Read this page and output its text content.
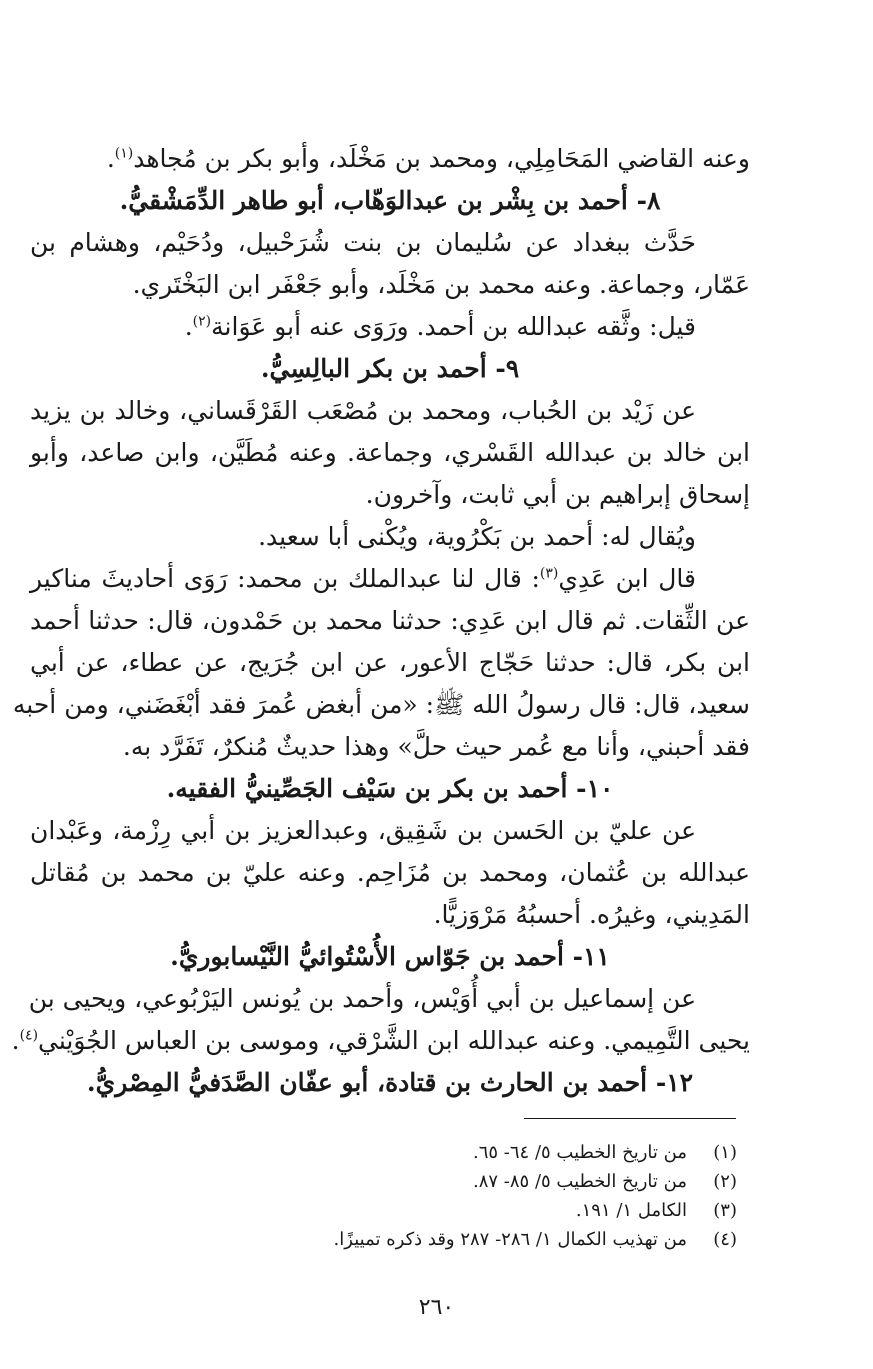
وعنه القاضي المَحَامِلِي، ومحمد بن مَخْلَد، وأبو بكر بن مُجاهد$^{(١)}$.
٨- أحمد بن بِشْر بن عبدالوَهّاب، أبو طاهر الدِّمَشْقيُّ.
حَدَّث ببغداد عن سُليمان بن بنت شُرَحْبيل، ودُحَيْم، وهشام بن
عَمّار، وجماعة. وعنه محمد بن مَخْلَد، وأبو جَعْفَر ابن البَخْتَري.
قيل: وثَّقه عبدالله بن أحمد. ورَوَى عنه أبو عَوَانة$^{(٢)}$.
٩- أحمد بن بكر البالِسِيُّ.
عن زَيْد بن الحُباب، ومحمد بن مُصْعَب القَرْقَساني، وخالد بن يزيد
ابن خالد بن عبدالله القَسْري، وجماعة. وعنه مُطَيَّن، وابن صاعد، وأبو
إسحاق إبراهيم بن أبي ثابت، وآخرون.
ويُقال له: أحمد بن بَكْرُوية، ويُكْنى أبا سعيد.
قال ابن عَدِي$^{(٣)}$: قال لنا عبدالملك بن محمد: رَوَى أحاديثَ مناكير
عن الثِّقات. ثم قال ابن عَدِي: حدثنا محمد بن حَمْدون، قال: حدثنا أحمد
ابن بكر، قال: حدثنا حَجّاج الأعور، عن ابن جُرَيج، عن عطاء، عن أبي
سعيد، قال: قال رسولُ الله ﷺ: «من أبغض عُمرَ فقد أبْغَضَني، ومن أحبه
فقد أحبني، وأنا مع عُمر حيث حلَّ» وهذا حديثٌ مُنكرٌ، تَفَرَّد به.
١٠- أحمد بن بكر بن سَيْف الجَصِّينيُّ الفقيه.
عن عليّ بن الحَسن بن شَقِيق، وعبدالعزيز بن أبي رِزْمة، وعَبْدان
عبدالله بن عُثمان، ومحمد بن مُزَاحِم. وعنه عليّ بن محمد بن مُقاتل
المَدِيني، وغيرُه. أحسبُهُ مَرْوَزيًّا.
١١- أحمد بن جَوّاس الأُسْتُوائيُّ النَّيْسابوريُّ.
عن إسماعيل بن أبي أُوَيْس، وأحمد بن يُونس اليَرْبُوعي، ويحيى بن
يحيى التَّمِيمي. وعنه عبدالله ابن الشَّرْقي، وموسى بن العباس الجُوَيْني$^{(٤)}$.
١٢- أحمد بن الحارث بن قتادة، أبو عفّان الصَّدَفيُّ المِصْريُّ.
(١)من تاريخ الخطيب ٥/ ٦٤- ٦٥.
(٢)من تاريخ الخطيب ٥/ ٨٥- ٨٧.
(٣)الكامل ١/ ١٩١.
(٤)من تهذيب الكمال ١/ ٢٨٦- ٢٨٧ وقد ذكره تمييزًا.
٢٦٠
